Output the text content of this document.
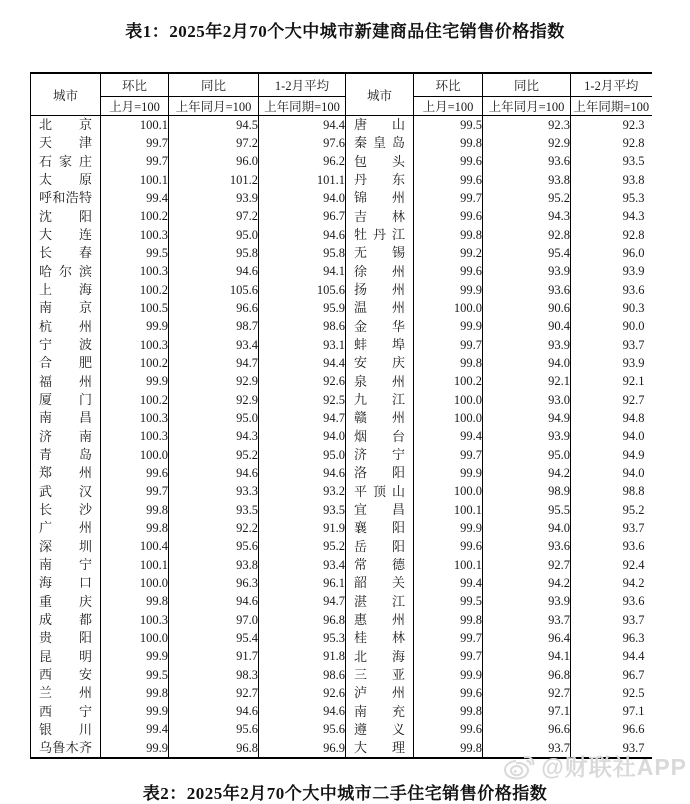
表1：2025年2月70个大中城市新建商品住宅销售价格指数
城市	环比	同比	1-2月平均	城市	环比	同比	1-2月平均
	上月=100	上年同月=100	上年同期=100		上月=100	上年同月=100	上年同期=100

北 京	100.1	94.5	94.4	唐 山	99.5	92.3	92.3

天 津	99.7	97.2	97.6	秦 皇 岛	99.8	92.9	92.8

石 家 庄	99.7	96.0	96.2	包 头	99.6	93.6	93.5

太 原	100.1	101.2	101.1	丹 东	99.6	93.8	93.8

呼 和 浩 特	99.4	93.9	94.0	锦 州	99.7	95.2	95.3

沈 阳	100.2	97.2	96.7	吉 林	99.6	94.3	94.3

大 连	100.3	95.0	94.6	牡 丹 江	99.8	92.8	92.8

长 春	99.5	95.8	95.8	无 锡	99.2	95.4	96.0

哈 尔 滨	100.3	94.6	94.1	徐 州	99.6	93.9	93.9

上 海	100.2	105.6	105.6	扬 州	99.9	93.6	93.6

南 京	100.5	96.6	95.9	温 州	100.0	90.6	90.3

杭 州	99.9	98.7	98.6	金 华	99.9	90.4	90.0

宁 波	100.3	93.4	93.1	蚌 埠	99.7	93.9	93.7

合 肥	100.2	94.7	94.4	安 庆	99.8	94.0	93.9

福 州	99.9	92.9	92.6	泉 州	100.2	92.1	92.1

厦 门	100.2	92.9	92.5	九 江	100.0	93.0	92.7

南 昌	100.3	95.0	94.7	赣 州	100.0	94.9	94.8

济 南	100.3	94.3	94.0	烟 台	99.4	93.9	94.0

青 岛	100.0	95.2	95.0	济 宁	99.7	95.0	94.9

郑 州	99.6	94.6	94.6	洛 阳	99.9	94.2	94.0

武 汉	99.7	93.3	93.2	平 顶 山	100.0	98.9	98.8

长 沙	99.8	93.5	93.5	宜 昌	100.1	95.5	95.2

广 州	99.8	92.2	91.9	襄 阳	99.9	94.0	93.7

深 圳	100.4	95.6	95.2	岳 阳	99.6	93.6	93.6

南 宁	100.1	93.8	93.4	常 德	100.1	92.7	92.4

海 口	100.0	96.3	96.1	韶 关	99.4	94.2	94.2

重 庆	99.8	94.6	94.7	湛 江	99.5	93.9	93.6

成 都	100.3	97.0	96.8	惠 州	99.8	93.7	93.7

贵 阳	100.0	95.4	95.3	桂 林	99.7	96.4	96.3

昆 明	99.9	91.7	91.8	北 海	99.7	94.1	94.4

西 安	99.5	98.3	98.6	三 亚	99.9	96.8	96.7

兰 州	99.8	92.7	92.6	泸 州	99.6	92.7	92.5

西 宁	99.9	94.6	94.6	南 充	99.8	97.1	97.1

银 川	99.4	95.6	95.6	遵 义	99.6	96.6	96.6

乌 鲁 木 齐	99.9	96.8	96.9	大 理	99.8	93.7	93.7
@财联社APP
表2：2025年2月70个大中城市二手住宅销售价格指数
